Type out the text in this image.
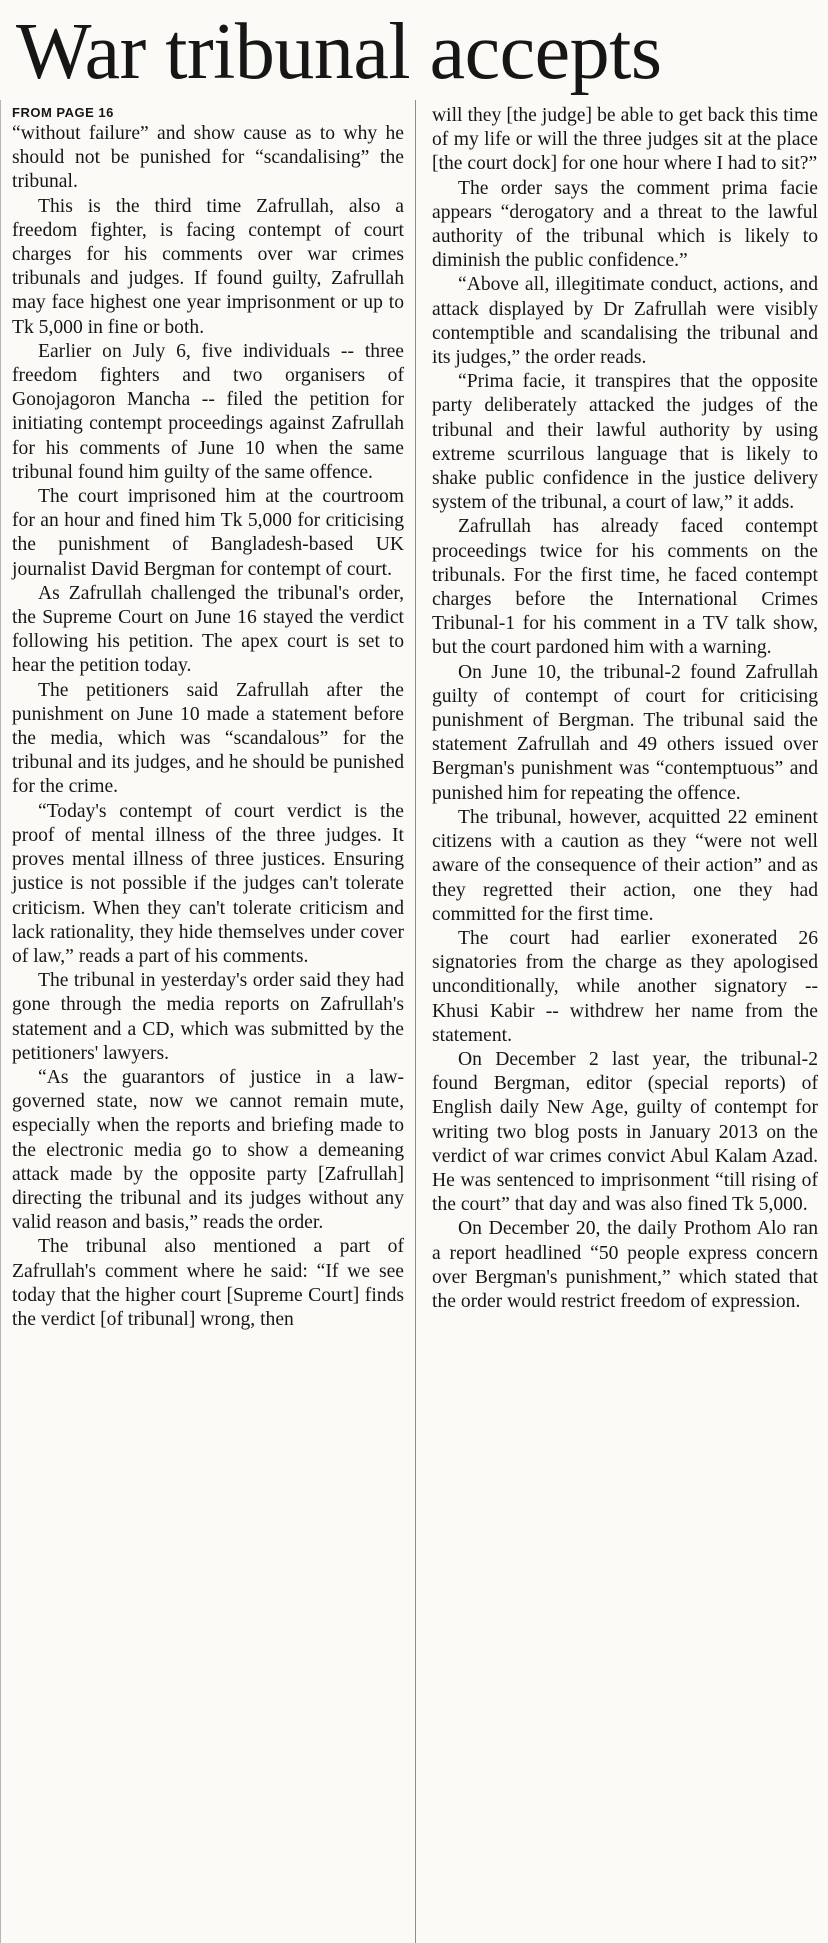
War tribunal accepts

FROM PAGE 16

“without failure” and show cause as to why he should not be punished for “scandalising” the tribunal.

This is the third time Zafrullah, also a freedom fighter, is facing contempt of court charges for his comments over war crimes tribunals and judges. If found guilty, Zafrullah may face highest one year imprisonment or up to Tk 5,000 in fine or both.

Earlier on July 6, five individuals -- three freedom fighters and two organisers of Gonojagoron Mancha -- filed the petition for initiating contempt proceedings against Zafrullah for his comments of June 10 when the same tribunal found him guilty of the same offence.

The court imprisoned him at the courtroom for an hour and fined him Tk 5,000 for criticising the punishment of Bangladesh-based UK journalist David Bergman for contempt of court.

As Zafrullah challenged the tribunal's order, the Supreme Court on June 16 stayed the verdict following his petition. The apex court is set to hear the petition today.

The petitioners said Zafrullah after the punishment on June 10 made a statement before the media, which was “scandalous” for the tribunal and its judges, and he should be punished for the crime.

“Today's contempt of court verdict is the proof of mental illness of the three judges. It proves mental illness of three justices. Ensuring justice is not possible if the judges can't tolerate criticism. When they can't tolerate criticism and lack rationality, they hide themselves under cover of law,” reads a part of his comments.

The tribunal in yesterday's order said they had gone through the media reports on Zafrullah's statement and a CD, which was submitted by the petitioners' lawyers.

“As the guarantors of justice in a law-governed state, now we cannot remain mute, especially when the reports and briefing made to the electronic media go to show a demeaning attack made by the opposite party [Zafrullah] directing the tribunal and its judges without any valid reason and basis,” reads the order.

The tribunal also mentioned a part of Zafrullah's comment where he said: “If we see today that the higher court [Supreme Court] finds the verdict [of tribunal] wrong, then

will they [the judge] be able to get back this time of my life or will the three judges sit at the place [the court dock] for one hour where I had to sit?”

The order says the comment prima facie appears “derogatory and a threat to the lawful authority of the tribunal which is likely to diminish the public confidence.”

“Above all, illegitimate conduct, actions, and attack displayed by Dr Zafrullah were visibly contemptible and scandalising the tribunal and its judges,” the order reads.

“Prima facie, it transpires that the opposite party deliberately attacked the judges of the tribunal and their lawful authority by using extreme scurrilous language that is likely to shake public confidence in the justice delivery system of the tribunal, a court of law,” it adds.

Zafrullah has already faced contempt proceedings twice for his comments on the tribunals. For the first time, he faced contempt charges before the International Crimes Tribunal-1 for his comment in a TV talk show, but the court pardoned him with a warning.

On June 10, the tribunal-2 found Zafrullah guilty of contempt of court for criticising punishment of Bergman. The tribunal said the statement Zafrullah and 49 others issued over Bergman's punishment was “contemptuous” and punished him for repeating the offence.

The tribunal, however, acquitted 22 eminent citizens with a caution as they “were not well aware of the consequence of their action” and as they regretted their action, one they had committed for the first time.

The court had earlier exonerated 26 signatories from the charge as they apologised unconditionally, while another signatory -- Khusi Kabir -- withdrew her name from the statement.

On December 2 last year, the tribunal-2 found Bergman, editor (special reports) of English daily New Age, guilty of contempt for writing two blog posts in January 2013 on the verdict of war crimes convict Abul Kalam Azad. He was sentenced to imprisonment “till rising of the court” that day and was also fined Tk 5,000.

On December 20, the daily Prothom Alo ran a report headlined “50 people express concern over Bergman's punishment,” which stated that the order would restrict freedom of expression.
